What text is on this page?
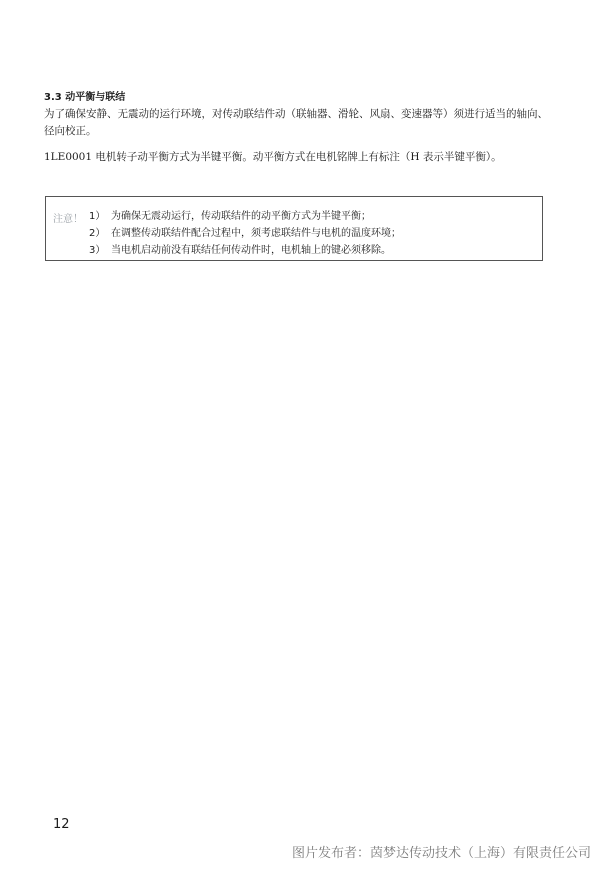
3.3 动平衡与联结
为了确保安静、无震动的运行环境，对传动联结件动（联轴器、滑轮、风扇、变速器等）须进行适当的轴向、径向校正。
1LE0001 电机转子动平衡方式为半键平衡。动平衡方式在电机铭牌上有标注（H 表示半键平衡）。
注意！ 1） 为确保无震动运行，传动联结件的动平衡方式为半键平衡；
2） 在调整传动联结件配合过程中，须考虑联结件与电机的温度环境；
3） 当电机启动前没有联结任何传动件时，电机轴上的键必须移除。
12
图片发布者：茵梦达传动技术（上海）有限责任公司
